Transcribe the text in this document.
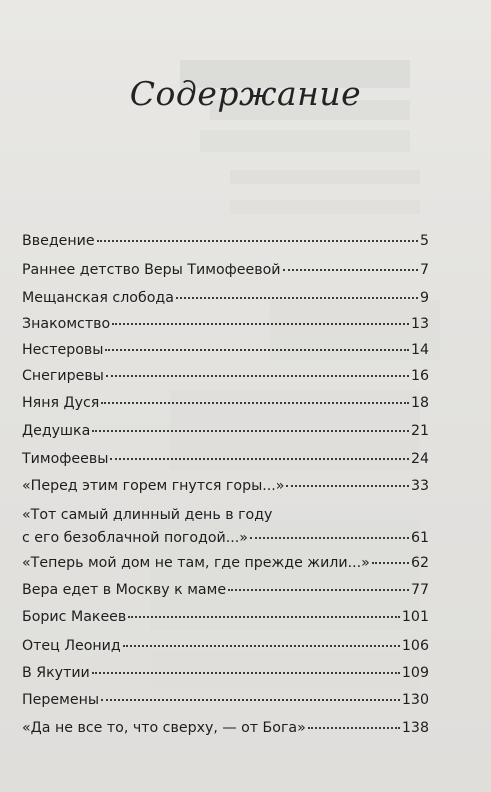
Содержание
Введение	5
Раннее детство Веры Тимофеевой	7
Мещанская слобода	9
Знакомство	13
Нестеровы	14
Снегиревы	16
Няня Дуся	18
Дедушка	21
Тимофеевы	24
«Перед этим горем гнутся горы...»	33
«Тот самый длинный день в году
с его безоблачной погодой...»	61
«Теперь мой дом не там, где прежде жили...»	62
Вера едет в Москву к маме	77
Борис Макеев	101
Отец Леонид	106
В Якутии	109
Перемены	130
«Да не все то, что сверху, — от Бога»	138
